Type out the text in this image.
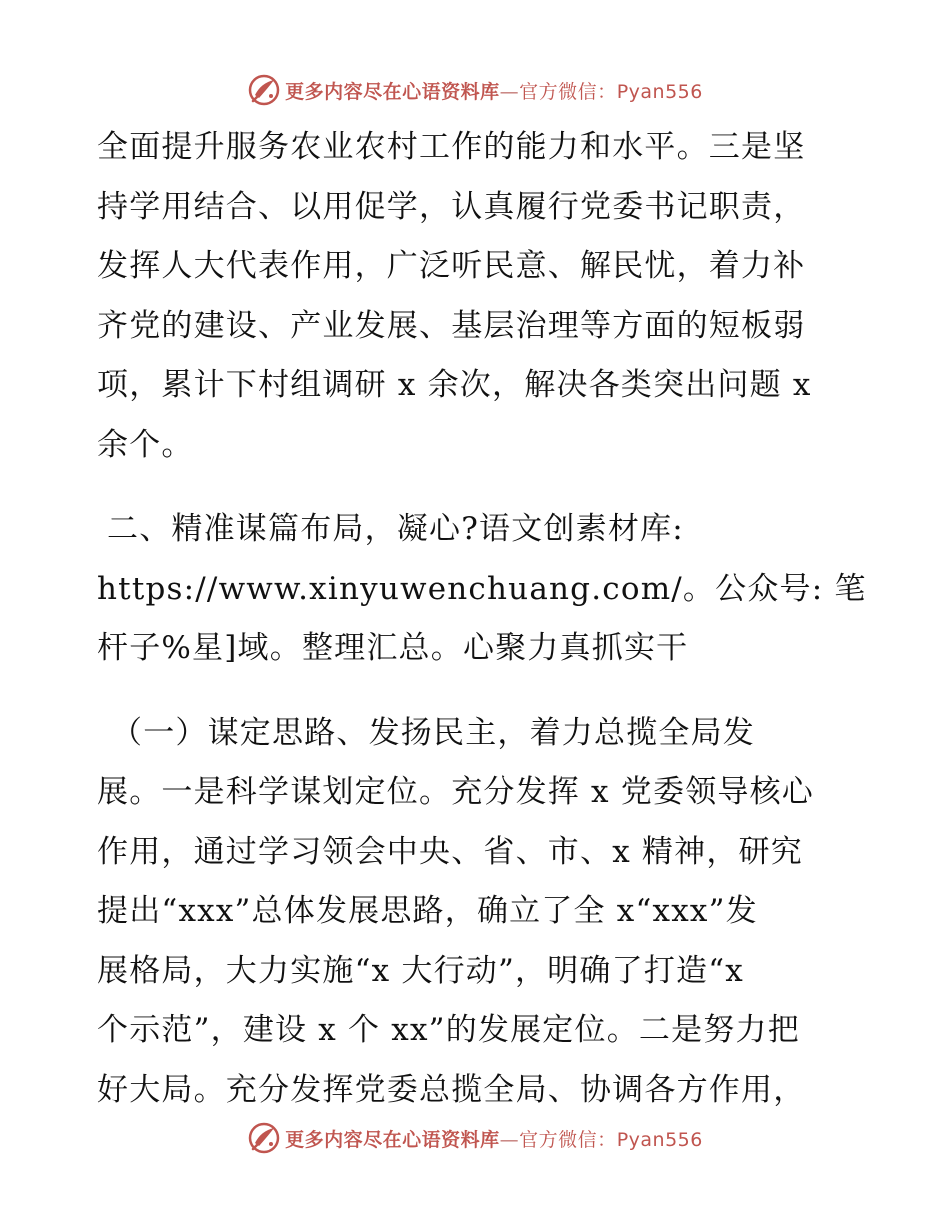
更多内容尽在心语资料库—官方微信：Pyan556
全面提升服务农业农村工作的能力和水平。三是坚
持学用结合、以用促学，认真履行党委书记职责，
发挥人大代表作用，广泛听民意、解民忧，着力补
齐党的建设、产业发展、基层治理等方面的短板弱
项，累计下村组调研 x 余次，解决各类突出问题 x
余个。
二、精准谋篇布局，凝心?语文创素材库:
https://www.xinyuwenchuang.com/。公众号: 笔
杆子%星]域。整理汇总。心聚力真抓实干
（一）谋定思路、发扬民主，着力总揽全局发
展。一是科学谋划定位。充分发挥 x 党委领导核心
作用，通过学习领会中央、省、市、x 精神，研究
提出“xxx”总体发展思路，确立了全 x“xxx”发
展格局，大力实施“x 大行动”，明确了打造“x
个示范”，建设 x 个 xx”的发展定位。二是努力把
好大局。充分发挥党委总揽全局、协调各方作用，
更多内容尽在心语资料库—官方微信：Pyan556
